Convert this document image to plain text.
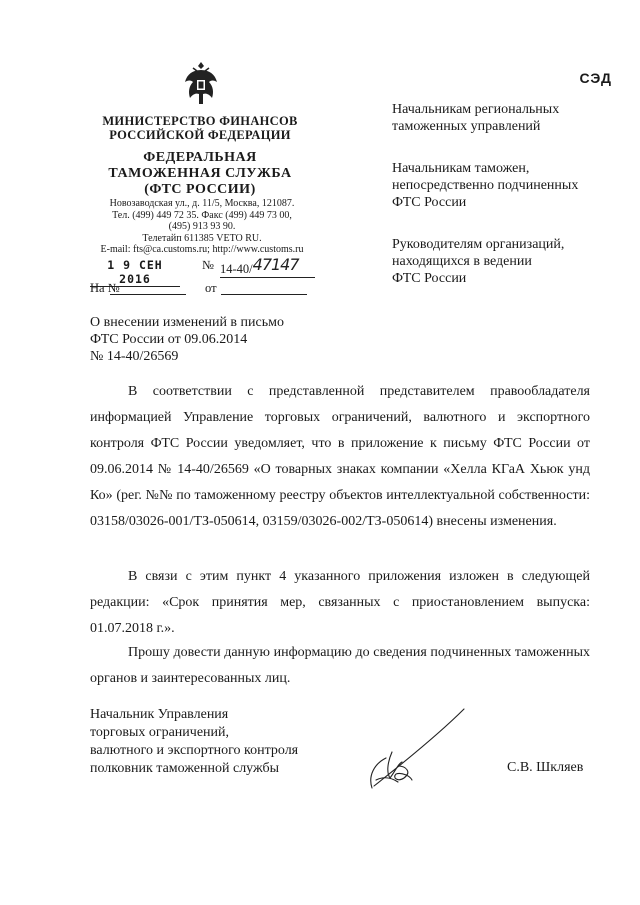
СЭД
МИНИСТЕРСТВО ФИНАНСОВ
РОССИЙСКОЙ ФЕДЕРАЦИИ
ФЕДЕРАЛЬНАЯ
ТАМОЖЕННАЯ СЛУЖБА
(ФТС РОССИИ)
Новозаводская ул., д. 11/5, Москва, 121087.
Тел. (499) 449 72 35. Факс (499) 449 73 00,
(495) 913 93 90.
Телетайп 611385 VETO RU.
E-mail: fts@ca.customs.ru; http://www.customs.ru
1 9 СЕН 2016
№ 14-40/47147
На №	от
О внесении изменений в письмо
ФТС России от 09.06.2014
№ 14-40/26569
Начальникам региональных
таможенных управлений
Начальникам таможен,
непосредственно подчиненных
ФТС России
Руководителям организаций,
находящихся в ведении
ФТС России
В соответствии с представленной представителем правообладателя информацией Управление торговых ограничений, валютного и экспортного контроля ФТС России уведомляет, что в приложение к письму ФТС России от 09.06.2014 № 14-40/26569 «О товарных знаках компании «Хелла КГаА Хьюк унд Ко» (рег. №№ по таможенному реестру объектов интеллектуальной собственности: 03158/03026-001/ТЗ-050614, 03159/03026-002/ТЗ-050614) внесены изменения.
В связи с этим пункт 4 указанного приложения изложен в следующей редакции: «Срок принятия мер, связанных с приостановлением выпуска: 01.07.2018 г.».
Прошу довести данную информацию до сведения подчиненных таможенных органов и заинтересованных лиц.
Начальник Управления
торговых ограничений,
валютного и экспортного контроля
полковник таможенной службы	С.В. Шкляев
